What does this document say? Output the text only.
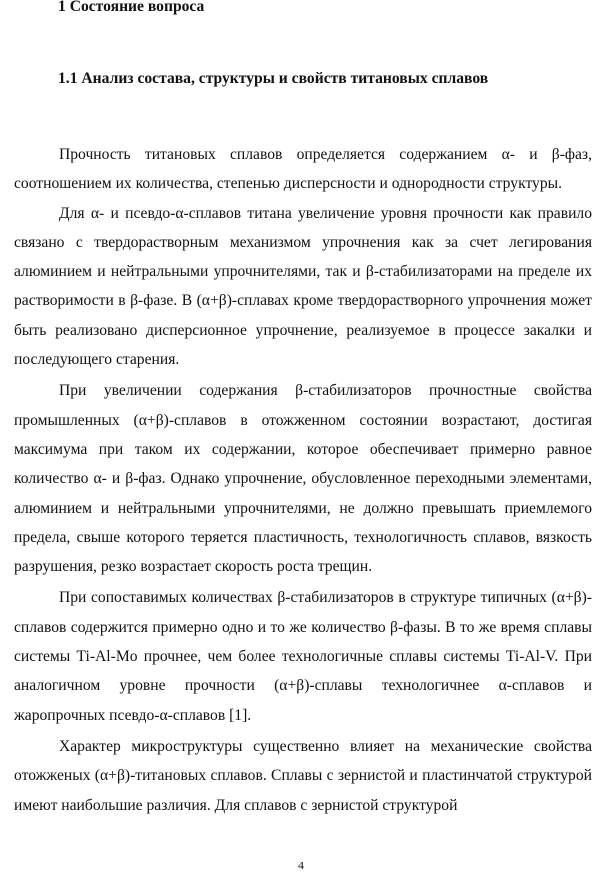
1 Состояние вопроса
1.1 Анализ состава, структуры и свойств титановых сплавов

Прочность титановых сплавов определяется содержанием α- и β-фаз, соотношением их количества, степенью дисперсности и однородности структуры.

Для α- и псевдо-α-сплавов титана увеличение уровня прочности как правило связано с твердорастворным механизмом упрочнения как за счет легирования алюминием и нейтральными упрочнителями, так и β-стабилизаторами на пределе их растворимости в β-фазе. В (α+β)-сплавах кроме твердорастворного упрочнения может быть реализовано дисперсионное упрочнение, реализуемое в процессе закалки и последующего старения.

При увеличении содержания β-стабилизаторов прочностные свойства промышленных (α+β)-сплавов в отожженном состоянии возрастают, достигая максимума при таком их содержании, которое обеспечивает примерно равное количество α- и β-фаз. Однако упрочнение, обусловленное переходными элементами, алюминием и нейтральными упрочнителями, не должно превышать приемлемого предела, свыше которого теряется пластичность, технологичность сплавов, вязкость разрушения, резко возрастает скорость роста трещин.

При сопоставимых количествах β-стабилизаторов в структуре типичных (α+β)-сплавов содержится примерно одно и то же количество β-фазы. В то же время сплавы системы Ti-Al-Mo прочнее, чем более технологичные сплавы системы Ti-Al-V. При аналогичном уровне прочности (α+β)-сплавы технологичнее α-сплавов и жаропрочных псевдо-α-сплавов [1].

Характер микроструктуры существенно влияет на механические свойства отожженых (α+β)-титановых сплавов. Сплавы с зернистой и пластинчатой структурой имеют наибольшие различия. Для сплавов с зернистой структурой

4
